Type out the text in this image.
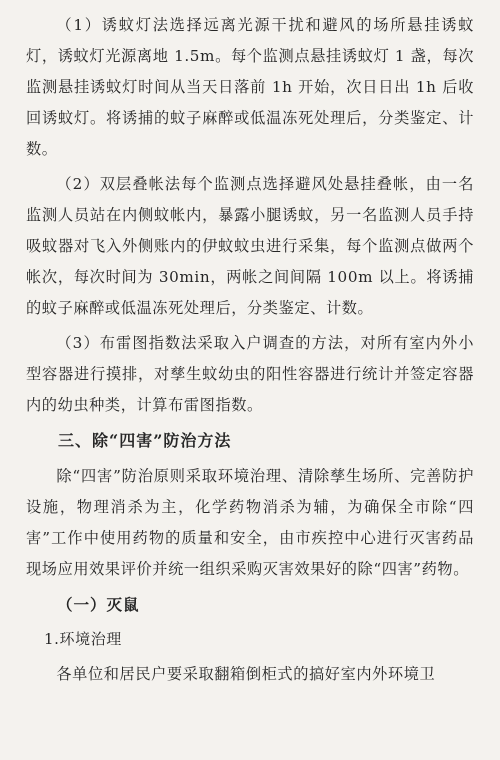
（1）诱蚊灯法选择远离光源干扰和避风的场所悬挂诱蚊灯，诱蚊灯光源离地 1.5m。每个监测点悬挂诱蚊灯 1 盏，每次监测悬挂诱蚊灯时间从当天日落前 1h 开始，次日日出 1h 后收回诱蚊灯。将诱捕的蚊子麻醉或低温冻死处理后，分类鉴定、计数。

（2）双层叠帐法每个监测点选择避风处悬挂叠帐，由一名监测人员站在内侧蚊帐内，暴露小腿诱蚊，另一名监测人员手持吸蚊器对飞入外侧账内的伊蚊蚊虫进行采集，每个监测点做两个帐次，每次时间为 30min，两帐之间间隔 100m 以上。将诱捕的蚊子麻醉或低温冻死处理后，分类鉴定、计数。

（3）布雷图指数法采取入户调查的方法，对所有室内外小型容器进行摸排，对孳生蚊幼虫的阳性容器进行统计并签定容器内的幼虫种类，计算布雷图指数。

三、除“四害”防治方法

除“四害”防治原则采取环境治理、清除孳生场所、完善防护设施，物理消杀为主，化学药物消杀为辅，为确保全市除“四害”工作中使用药物的质量和安全，由市疾控中心进行灭害药品现场应用效果评价并统一组织采购灭害效果好的除“四害”药物。

（一）灭鼠

1.环境治理

各单位和居民户要采取翻箱倒柜式的搞好室内外环境卫
